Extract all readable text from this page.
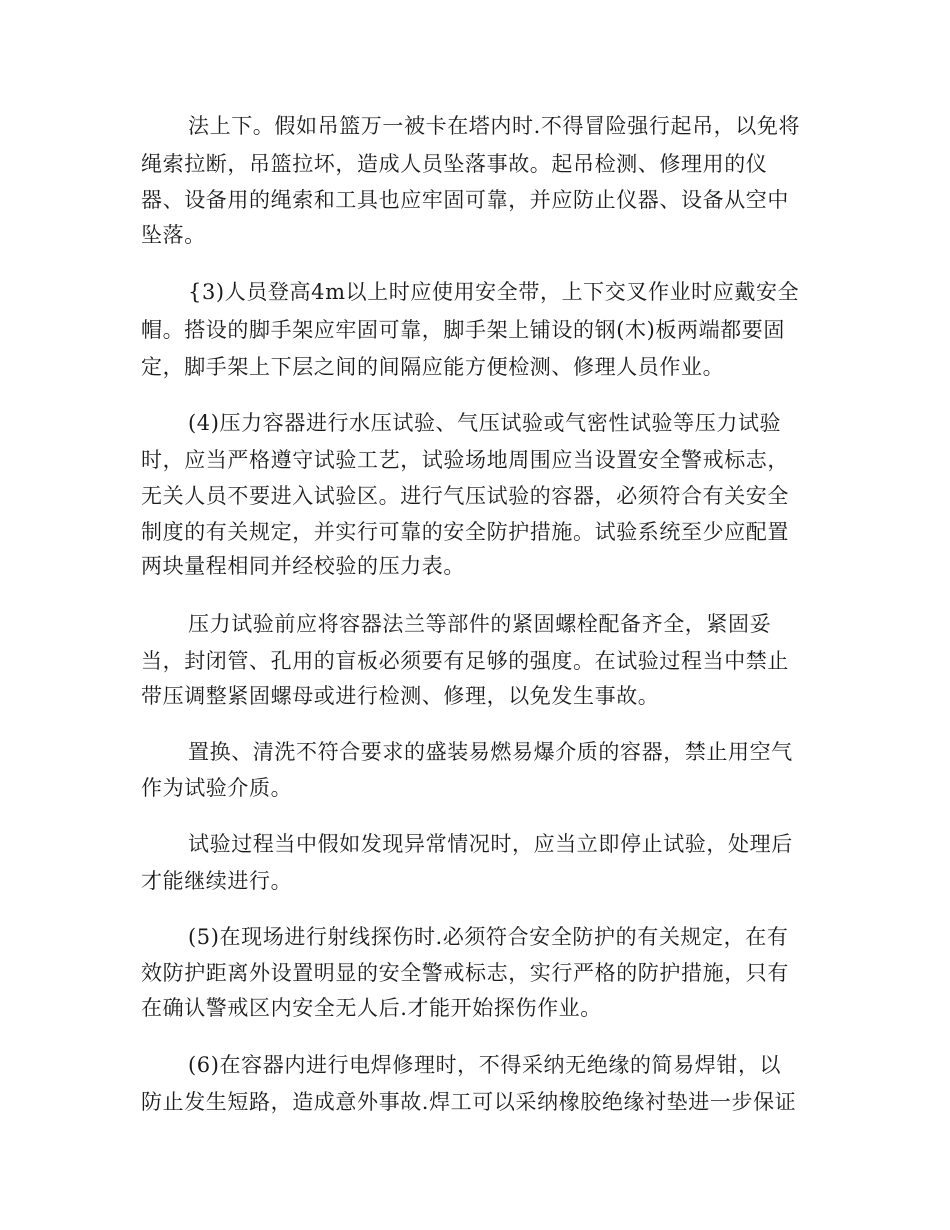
法上下。假如吊篮万一被卡在塔内时.不得冒险强行起吊，以免将

绳索拉断，吊篮拉坏，造成人员坠落事故。起吊检测、修理用的仪

器、设备用的绳索和工具也应牢固可靠，并应防止仪器、设备从空中

坠落。

{3)人员登高4m以上时应使用安全带，上下交叉作业时应戴安全

帽。搭设的脚手架应牢固可靠，脚手架上铺设的钢(木)板两端都要固

定，脚手架上下层之间的间隔应能方便检测、修理人员作业。

(4)压力容器进行水压试验、气压试验或气密性试验等压力试验

时，应当严格遵守试验工艺，试验场地周围应当设置安全警戒标志，

无关人员不要进入试验区。进行气压试验的容器，必须符合有关安全

制度的有关规定，并实行可靠的安全防护措施。试验系统至少应配置

两块量程相同并经校验的压力表。

压力试验前应将容器法兰等部件的紧固螺栓配备齐全，紧固妥

当，封闭管、孔用的盲板必须要有足够的强度。在试验过程当中禁止

带压调整紧固螺母或进行检测、修理，以免发生事故。

置换、清洗不符合要求的盛装易燃易爆介质的容器，禁止用空气

作为试验介质。

试验过程当中假如发现异常情况时，应当立即停止试验，处理后

才能继续进行。

(5)在现场进行射线探伤时.必须符合安全防护的有关规定，在有

效防护距离外设置明显的安全警戒标志，实行严格的防护措施，只有

在确认警戒区内安全无人后.才能开始探伤作业。

(6)在容器内进行电焊修理时，不得采纳无绝缘的简易焊钳，以

防止发生短路，造成意外事故.焊工可以采纳橡胶绝缘衬垫进一步保证
